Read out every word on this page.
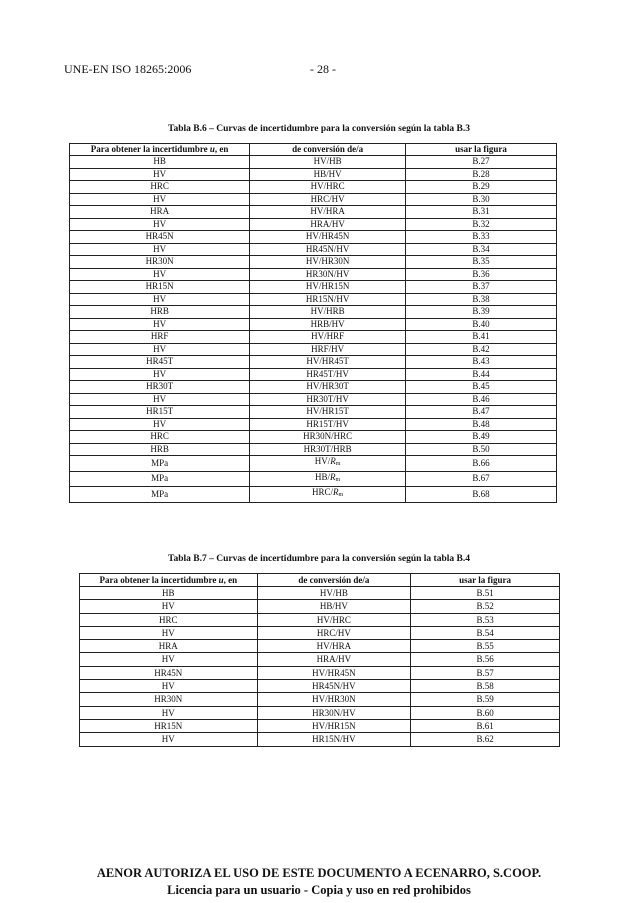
UNE-EN ISO 18265:2006	- 28 -
Tabla B.6 – Curvas de incertidumbre para la conversión según la tabla B.3
Para obtener la incertidumbre u, en	de conversión de/a	usar la figura
HB	HV/HB	B.27
HV	HB/HV	B.28
HRC	HV/HRC	B.29
HV	HRC/HV	B.30
HRA	HV/HRA	B.31
HV	HRA/HV	B.32
HR45N	HV/HR45N	B.33
HV	HR45N/HV	B.34
HR30N	HV/HR30N	B.35
HV	HR30N/HV	B.36
HR15N	HV/HR15N	B.37
HV	HR15N/HV	B.38
HRB	HV/HRB	B.39
HV	HRB/HV	B.40
HRF	HV/HRF	B.41
HV	HRF/HV	B.42
HR45T	HV/HR45T	B.43
HV	HR45T/HV	B.44
HR30T	HV/HR30T	B.45
HV	HR30T/HV	B.46
HR15T	HV/HR15T	B.47
HV	HR15T/HV	B.48
HRC	HR30N/HRC	B.49
HRB	HR30T/HRB	B.50
MPa	HV/Rm	B.66
MPa	HB/Rm	B.67
MPa	HRC/Rm	B.68
Tabla B.7 – Curvas de incertidumbre para la conversión según la tabla B.4
Para obtener la incertidumbre u, en	de conversión de/a	usar la figura
HB	HV/HB	B.51
HV	HB/HV	B.52
HRC	HV/HRC	B.53
HV	HRC/HV	B.54
HRA	HV/HRA	B.55
HV	HRA/HV	B.56
HR45N	HV/HR45N	B.57
HV	HR45N/HV	B.58
HR30N	HV/HR30N	B.59
HV	HR30N/HV	B.60
HR15N	HV/HR15N	B.61
HV	HR15N/HV	B.62
AENOR AUTORIZA EL USO DE ESTE DOCUMENTO A ECENARRO, S.COOP.
Licencia para un usuario - Copia y uso en red prohibidos
